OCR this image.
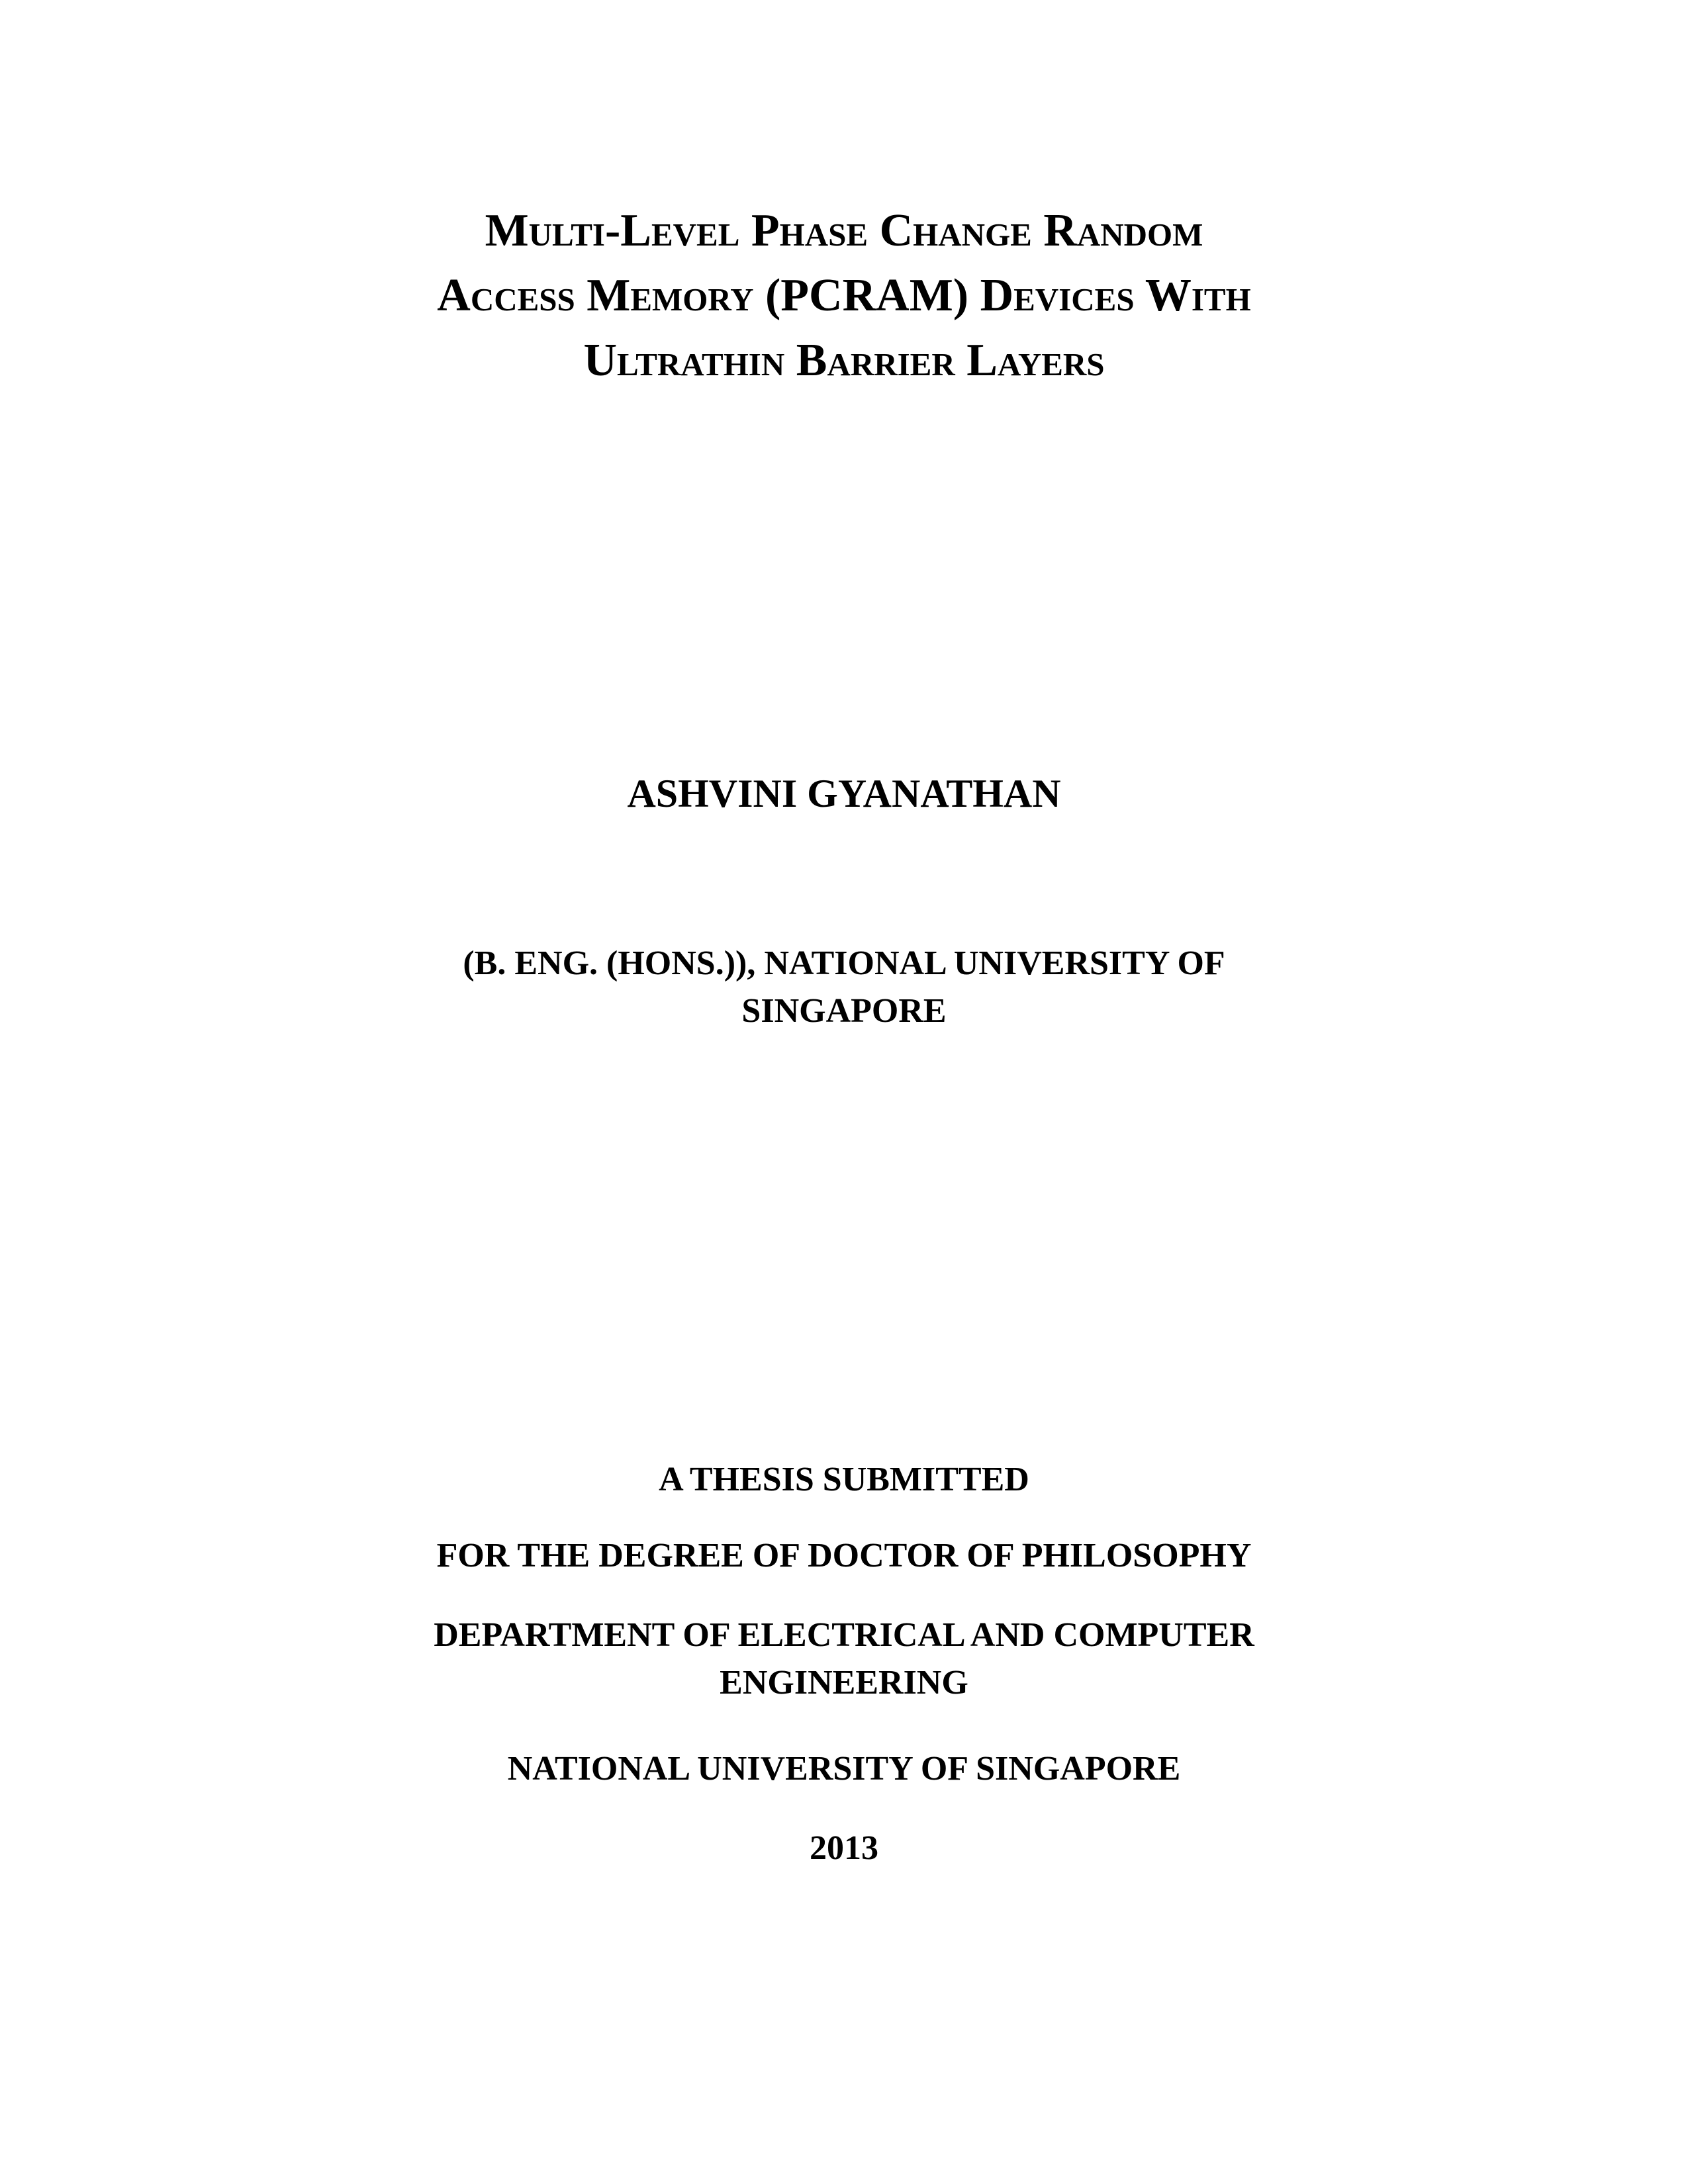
Multi-Level Phase Change Random
Access Memory (PCRAM) Devices With
Ultrathin Barrier Layers
ASHVINI GYANATHAN
(B. ENG. (HONS.)), NATIONAL UNIVERSITY OF
SINGAPORE
A THESIS SUBMITTED
FOR THE DEGREE OF DOCTOR OF PHILOSOPHY
DEPARTMENT OF ELECTRICAL AND COMPUTER
ENGINEERING
NATIONAL UNIVERSITY OF SINGAPORE
2013
